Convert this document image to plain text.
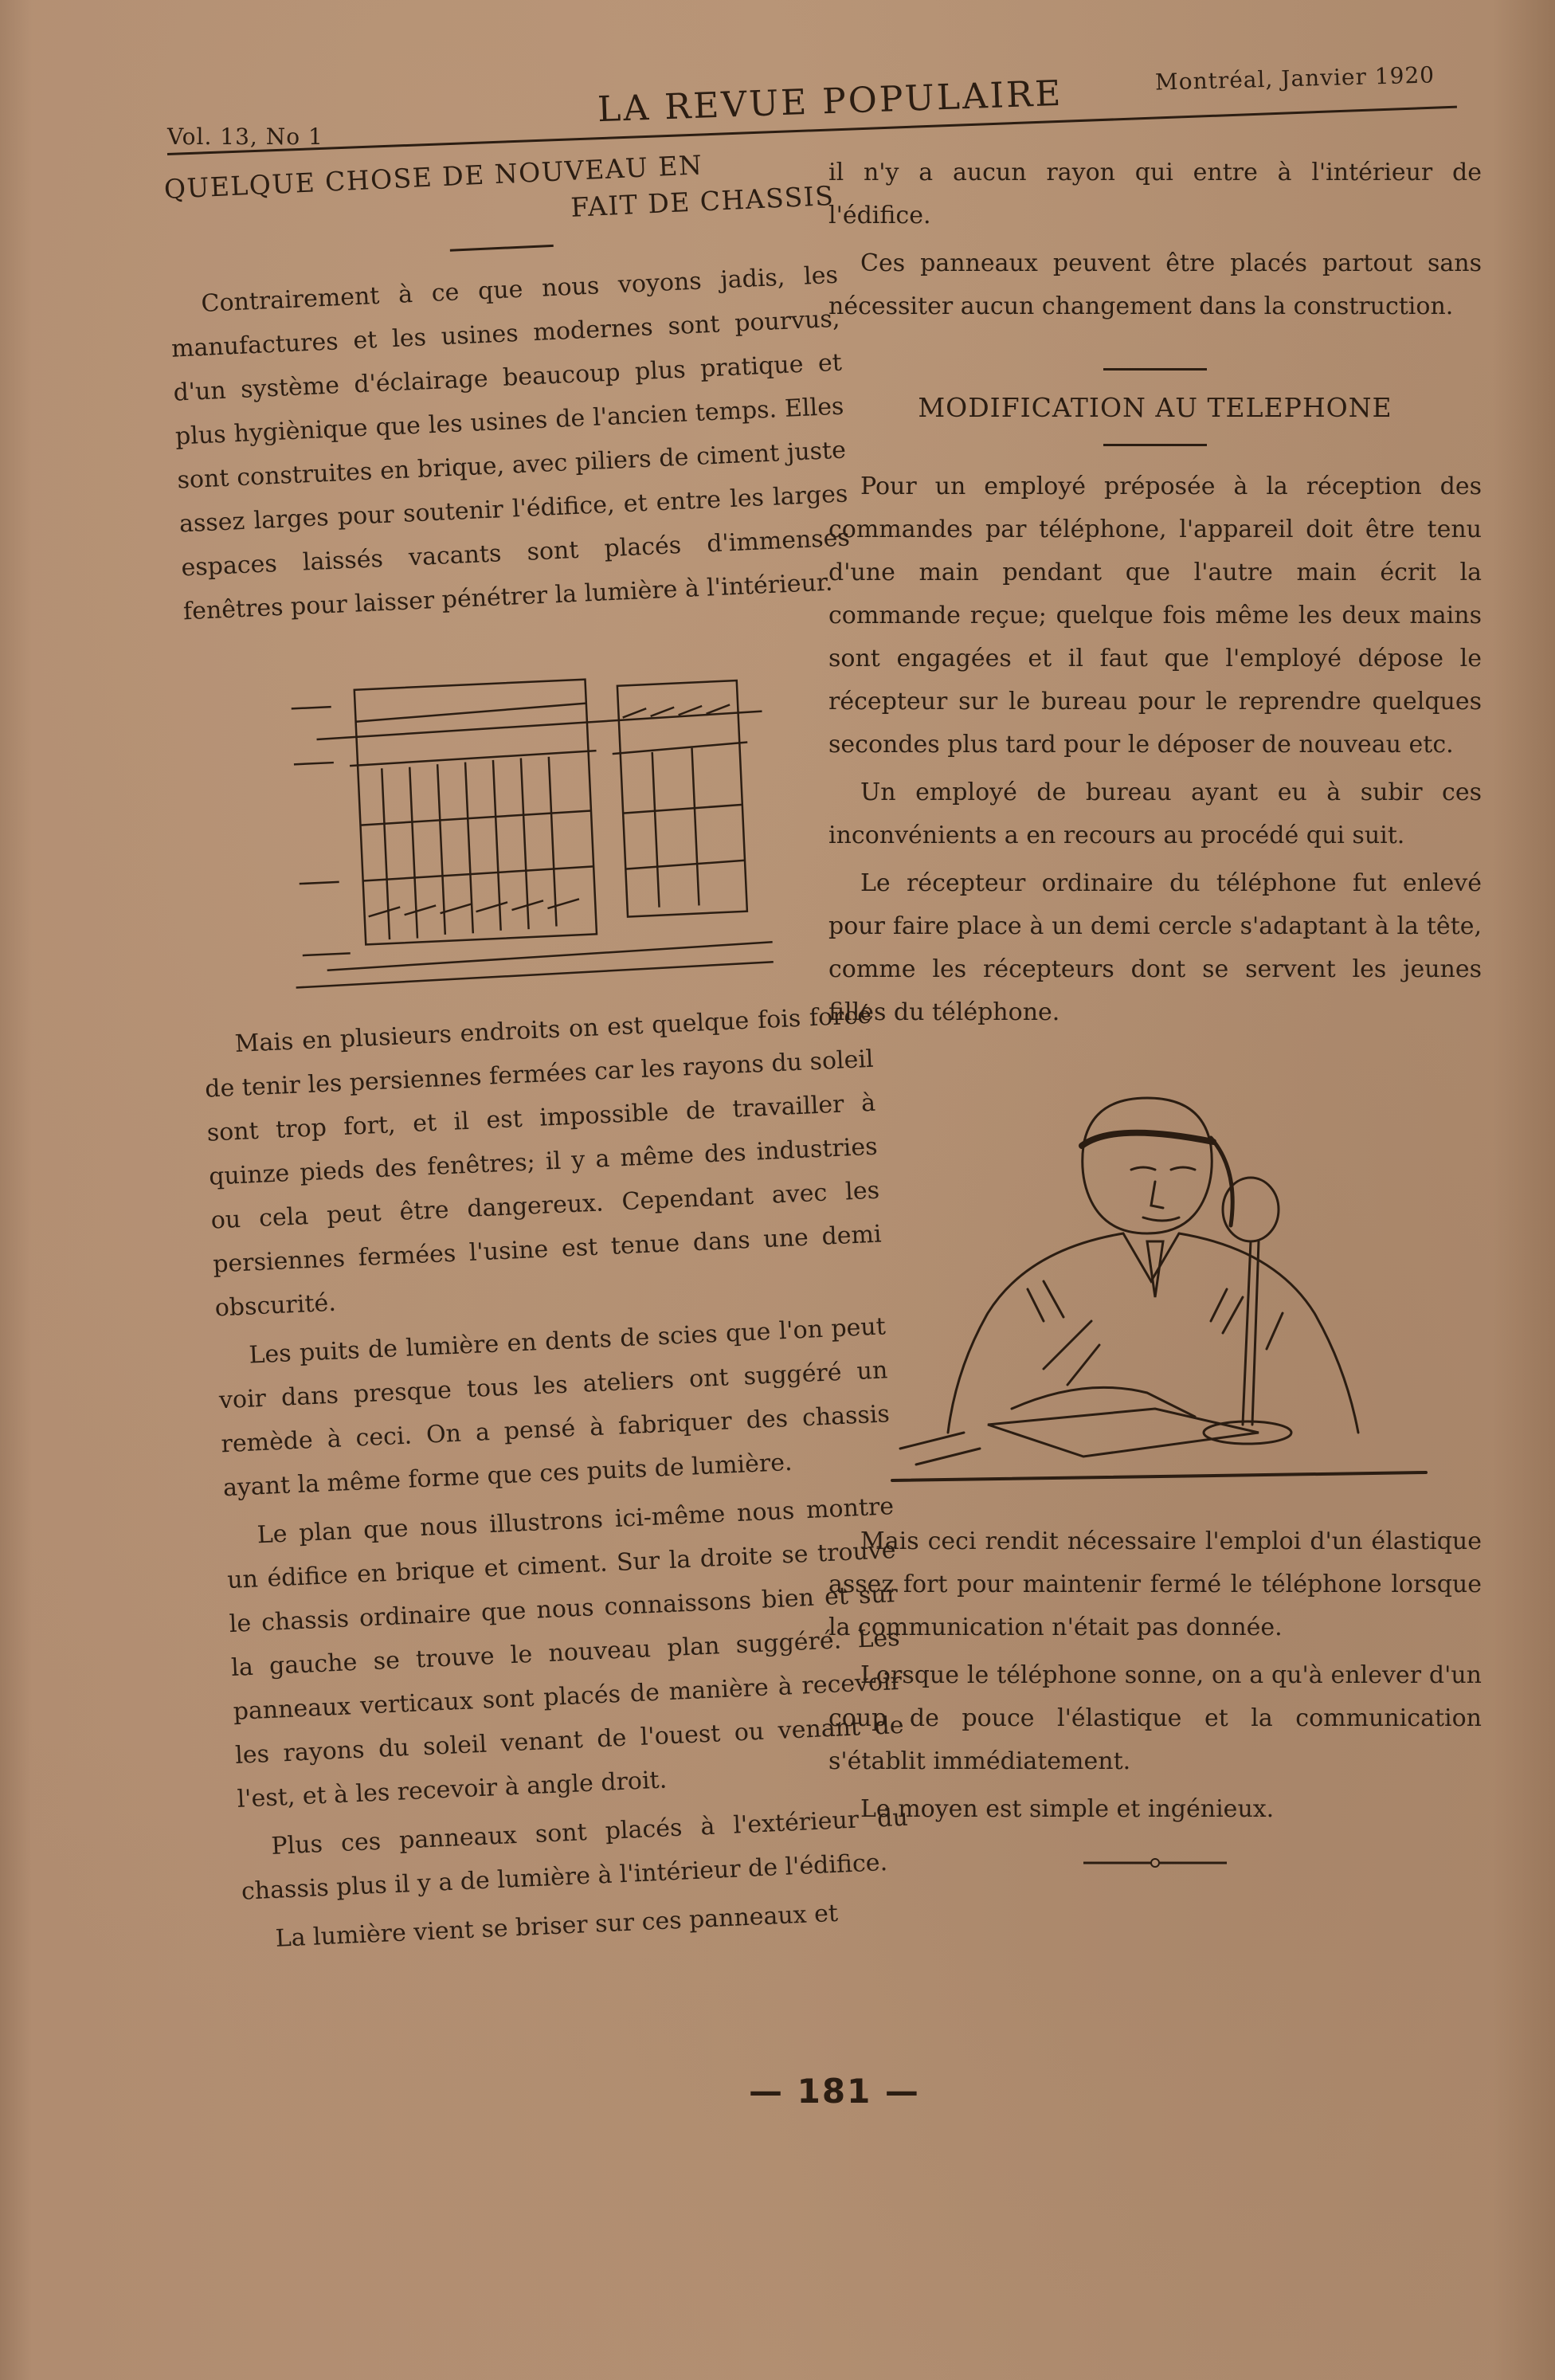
Vol. 13, No 1
LA REVUE POPULAIRE	Montréal, Janvier 1920
QUELQUE CHOSE DE NOUVEAU EN
FAIT DE CHASSIS

Contrairement à ce que nous voyons jadis, les manufactures et les usines modernes sont pourvus, d'un système d'éclairage beaucoup plus pratique et plus hygiènique que les usines de l'ancien temps. Elles sont construites en brique, avec piliers de ciment juste assez larges pour soutenir l'édifice, et entre les larges espaces laissés vacants sont placés d'immenses fenêtres pour laisser pénétrer la lumière à l'intérieur.

Mais en plusieurs endroits on est quelque fois forcé de tenir les persiennes fermées car les rayons du soleil sont trop fort, et il est impossible de travailler à quinze pieds des fenêtres; il y a même des industries ou cela peut être dangereux. Cependant avec les persiennes fermées l'usine est tenue dans une demi obscurité.

Les puits de lumière en dents de scies que l'on peut voir dans presque tous les ateliers ont suggéré un remède à ceci. On a pensé à fabriquer des chassis ayant la même forme que ces puits de lumière.

Le plan que nous illustrons ici-même nous montre un édifice en brique et ciment. Sur la droite se trouve le chassis ordinaire que nous connaissons bien et sur la gauche se trouve le nouveau plan suggéré. Les panneaux verticaux sont placés de manière à recevoir les rayons du soleil venant de l'ouest ou venant de l'est, et à les recevoir à angle droit.

Plus ces panneaux sont placés à l'extérieur du chassis plus il y a de lumière à l'intérieur de l'édifice.

La lumière vient se briser sur ces panneaux et

il n'y a aucun rayon qui entre à l'intérieur de l'édifice.

Ces panneaux peuvent être placés partout sans nécessiter aucun changement dans la construction.

MODIFICATION AU TELEPHONE

Pour un employé préposée à la réception des commandes par téléphone, l'appareil doit être tenu d'une main pendant que l'autre main écrit la commande reçue; quelque fois même les deux mains sont engagées et il faut que l'employé dépose le récepteur sur le bureau pour le reprendre quelques secondes plus tard pour le déposer de nouveau etc.

Un employé de bureau ayant eu à subir ces inconvénients a en recours au procédé qui suit.

Le récepteur ordinaire du téléphone fut enlevé pour faire place à un demi cercle s'adaptant à la tête, comme les récepteurs dont se servent les jeunes filles du téléphone.

Mais ceci rendit nécessaire l'emploi d'un élastique assez fort pour maintenir fermé le téléphone lorsque la communication n'était pas donnée.

Lorsque le téléphone sonne, on a qu'à enlever d'un coup de pouce l'élastique et la communication s'établit immédiatement.

Le moyen est simple et ingénieux.

— 181 —
